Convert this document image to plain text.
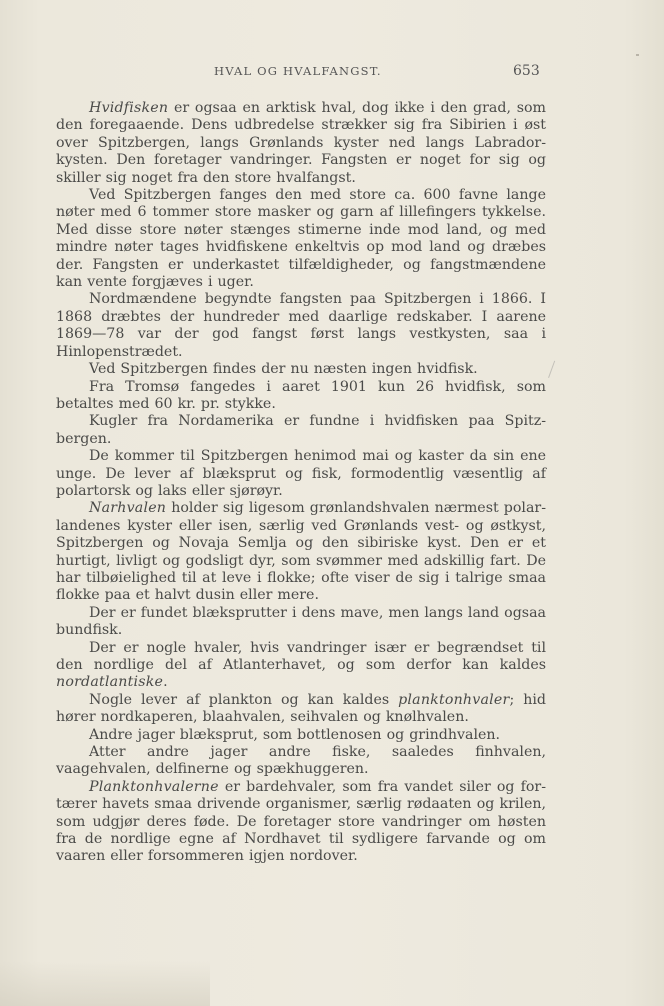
HVAL OG HVALFANGST.	653

Hvidfisken er ogsaa en arktisk hval, dog ikke i den grad, som den foregaaende. Dens udbredelse strækker sig fra Sibirien i øst over Spitzbergen, langs Grønlands kyster ned langs Labrador-kysten. Den foretager vandringer. Fangsten er noget for sig og skiller sig noget fra den store hvalfangst.

Ved Spitzbergen fanges den med store ca. 600 favne lange nøter med 6 tommer store masker og garn af lillefingers tykkelse. Med disse store nøter stænges stimerne inde mod land, og med mindre nøter tages hvidfiskene enkeltvis op mod land og dræbes der. Fangsten er underkastet tilfældigheder, og fangstmændene kan vente forgjæves i uger.

Nordmændene begyndte fangsten paa Spitzbergen i 1866. I 1868 dræbtes der hundreder med daarlige redskaber. I aarene 1869—78 var der god fangst først langs vestkysten, saa i Hinlopenstrædet.

Ved Spitzbergen findes der nu næsten ingen hvidfisk.

Fra Tromsø fangedes i aaret 1901 kun 26 hvidfisk, som betaltes med 60 kr. pr. stykke.

Kugler fra Nordamerika er fundne i hvidfisken paa Spitz-bergen.

De kommer til Spitzbergen henimod mai og kaster da sin ene unge. De lever af blæksprut og fisk, formodentlig væsentlig af polartorsk og laks eller sjørøyr.

Narhvalen holder sig ligesom grønlandshvalen nærmest polar-landenes kyster eller isen, særlig ved Grønlands vest- og østkyst, Spitzbergen og Novaja Semlja og den sibiriske kyst. Den er et hurtigt, livligt og godsligt dyr, som svømmer med adskillig fart. De har tilbøielighed til at leve i flokke; ofte viser de sig i talrige smaa flokke paa et halvt dusin eller mere.

Der er fundet blæksprutter i dens mave, men langs land ogsaa bundfisk.

Der er nogle hvaler, hvis vandringer især er begrændset til den nordlige del af Atlanterhavet, og som derfor kan kaldes nordatlantiske.

Nogle lever af plankton og kan kaldes planktonhvaler; hid hører nordkaperen, blaahvalen, seihvalen og knølhvalen.

Andre jager blæksprut, som bottlenosen og grindhvalen.

Atter andre jager andre fiske, saaledes finhvalen, vaagehvalen, delfinerne og spækhuggeren.

Planktonhvalerne er bardehvaler, som fra vandet siler og for-tærer havets smaa drivende organismer, særlig rødaaten og krilen, som udgjør deres føde. De foretager store vandringer om høsten fra de nordlige egne af Nordhavet til sydligere farvande og om vaaren eller forsommeren igjen nordover.
